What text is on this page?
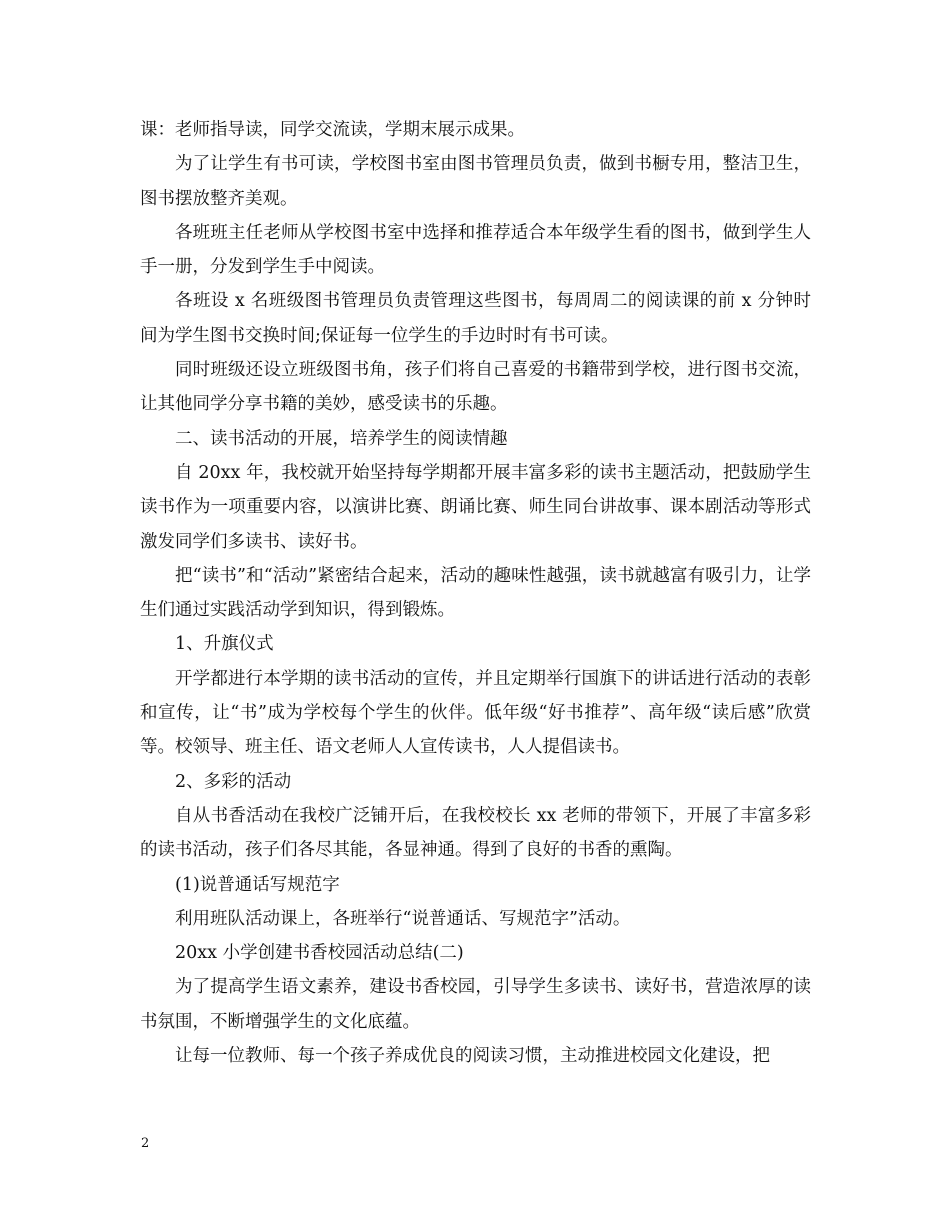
课：老师指导读，同学交流读，学期末展示成果。

为了让学生有书可读，学校图书室由图书管理员负责，做到书橱专用，整洁卫生，图书摆放整齐美观。

各班班主任老师从学校图书室中选择和推荐适合本年级学生看的图书，做到学生人手一册，分发到学生手中阅读。

各班设 x 名班级图书管理员负责管理这些图书，每周周二的阅读课的前 x 分钟时间为学生图书交换时间;保证每一位学生的手边时时有书可读。

同时班级还设立班级图书角，孩子们将自己喜爱的书籍带到学校，进行图书交流，让其他同学分享书籍的美妙，感受读书的乐趣。

二、读书活动的开展，培养学生的阅读情趣

自 20xx 年，我校就开始坚持每学期都开展丰富多彩的读书主题活动，把鼓励学生读书作为一项重要内容，以演讲比赛、朗诵比赛、师生同台讲故事、课本剧活动等形式激发同学们多读书、读好书。

把“读书”和“活动”紧密结合起来，活动的趣味性越强，读书就越富有吸引力，让学生们通过实践活动学到知识，得到锻炼。

1、升旗仪式

开学都进行本学期的读书活动的宣传，并且定期举行国旗下的讲话进行活动的表彰和宣传，让“书”成为学校每个学生的伙伴。低年级“好书推荐”、高年级“读后感”欣赏等。校领导、班主任、语文老师人人宣传读书，人人提倡读书。

2、多彩的活动

自从书香活动在我校广泛铺开后，在我校校长 xx 老师的带领下，开展了丰富多彩的读书活动，孩子们各尽其能，各显神通。得到了良好的书香的熏陶。

(1)说普通话写规范字

利用班队活动课上，各班举行“说普通话、写规范字”活动。

20xx 小学创建书香校园活动总结(二)

为了提高学生语文素养，建设书香校园，引导学生多读书、读好书，营造浓厚的读书氛围，不断增强学生的文化底蕴。

让每一位教师、每一个孩子养成优良的阅读习惯，主动推进校园文化建设，把

2
